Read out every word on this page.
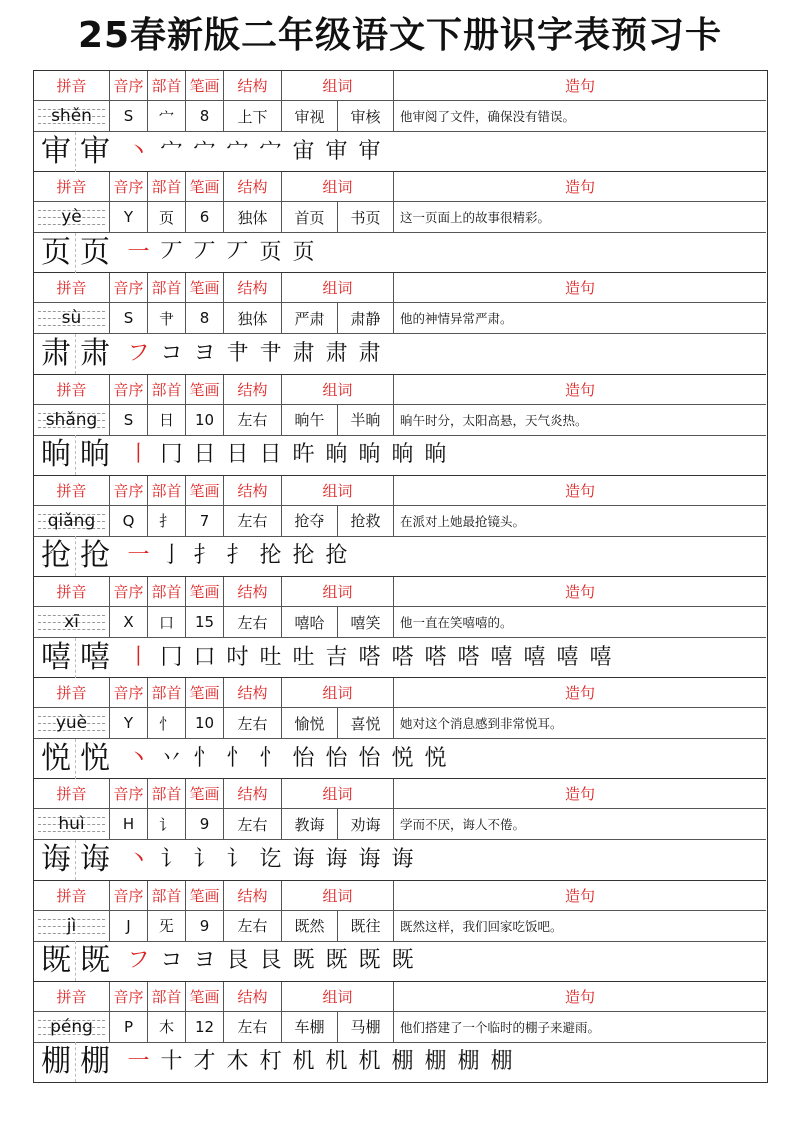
25春新版二年级语文下册识字表预习卡
拼音	音序 部首 笔画	结构	组词	造句
shěn	S	宀	8	上下	审视	审核	他审阅了文件，确保没有错误。
审 审 丶 宀 宀 宀 宀 宙 审 审
拼音	音序 部首 笔画	结构	组词	造句
yè	Y	页	6	独体	首页	书页	这一页面上的故事很精彩。
页 页 一 丆 丆 丆 页 页
拼音	音序 部首 笔画	结构	组词	造句
sù	S	肀	8	独体	严肃	肃静	他的神情异常严肃。
肃 肃 フ コ ヨ 肀 肀 肃 肃 肃
拼音	音序 部首 笔画	结构	组词	造句
shǎng	S	日	10	左右	晌午	半晌	晌午时分，太阳高悬，天气炎热。
晌 晌 丨 冂 日 日 日 旿 晌 晌 晌 晌
拼音	音序 部首 笔画	结构	组词	造句
qiǎng	Q	扌	7	左右	抢夺	抢救	在派对上她最抢镜头。
抢 抢 一 亅 扌 扌 抡 抡 抢
拼音	音序 部首 笔画	结构	组词	造句
xī	X	口	15	左右	嘻哈	嘻笑	他一直在笑嘻嘻的。
嘻 嘻 丨 冂 口 吋 吐 吐 吉 嗒 嗒 嗒 嗒 嘻 嘻 嘻 嘻
拼音	音序 部首 笔画	结构	组词	造句
yuè	Y	忄	10	左右	愉悦	喜悦	她对这个消息感到非常悦耳。
悦 悦 丶 丷 忄 忄 忄 怡 怡 怡 悦 悦
拼音	音序 部首 笔画	结构	组词	造句
huì	H	讠	9	左右	教诲	劝诲	学而不厌，诲人不倦。
诲 诲 丶 讠 讠 讠 讫 诲 诲 诲 诲
拼音	音序 部首 笔画	结构	组词	造句
jì	J	旡	9	左右	既然	既往	既然这样，我们回家吃饭吧。
既 既 フ コ ヨ 艮 艮 既 既 既 既
拼音	音序 部首 笔画	结构	组词	造句
péng	P	木	12	左右	车棚	马棚	他们搭建了一个临时的棚子来避雨。
棚 棚 一 十 才 木 朾 机 机 机 棚 棚 棚 棚
